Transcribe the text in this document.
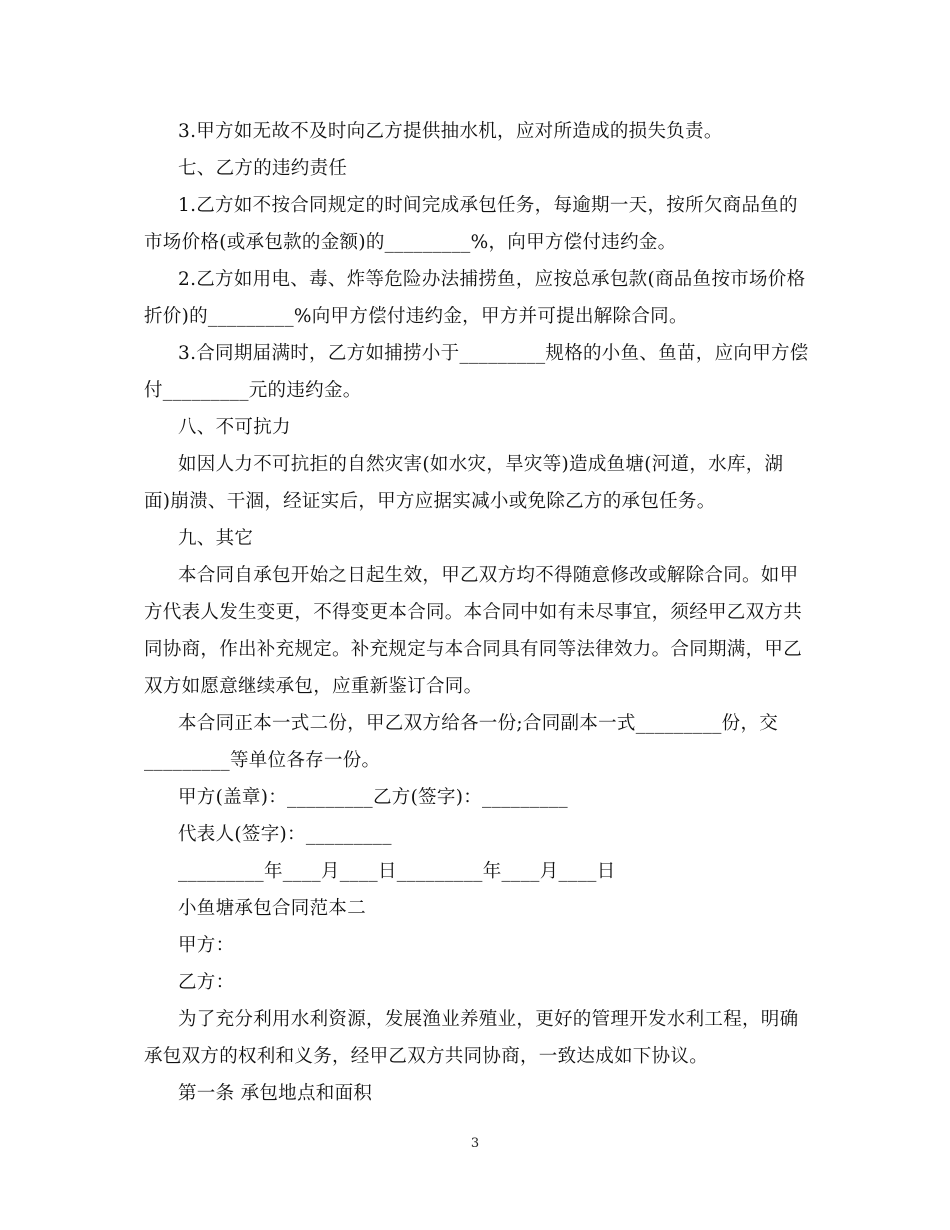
3.甲方如无故不及时向乙方提供抽水机，应对所造成的损失负责。
七、乙方的违约责任
1.乙方如不按合同规定的时间完成承包任务，每逾期一天，按所欠商品鱼的
市场价格(或承包款的金额)的_________%，向甲方偿付违约金。
2.乙方如用电、毒、炸等危险办法捕捞鱼，应按总承包款(商品鱼按市场价格
折价)的_________%向甲方偿付违约金，甲方并可提出解除合同。
3.合同期届满时，乙方如捕捞小于_________规格的小鱼、鱼苗，应向甲方偿
付_________元的违约金。
八、不可抗力
如因人力不可抗拒的自然灾害(如水灾，旱灾等)造成鱼塘(河道，水库，湖
面)崩溃、干涸，经证实后，甲方应据实减小或免除乙方的承包任务。
九、其它
本合同自承包开始之日起生效，甲乙双方均不得随意修改或解除合同。如甲
方代表人发生变更，不得变更本合同。本合同中如有未尽事宜，须经甲乙双方共
同协商，作出补充规定。补充规定与本合同具有同等法律效力。合同期满，甲乙
双方如愿意继续承包，应重新鉴订合同。
本合同正本一式二份，甲乙双方给各一份;合同副本一式_________份，交
_________等单位各存一份。
甲方(盖章)：_________乙方(签字)：_________
代表人(签字)：_________
_________年____月____日_________年____月____日
小鱼塘承包合同范本二
甲方：
乙方：
为了充分利用水利资源，发展渔业养殖业，更好的管理开发水利工程，明确
承包双方的权利和义务，经甲乙双方共同协商，一致达成如下协议。
第一条 承包地点和面积
3
